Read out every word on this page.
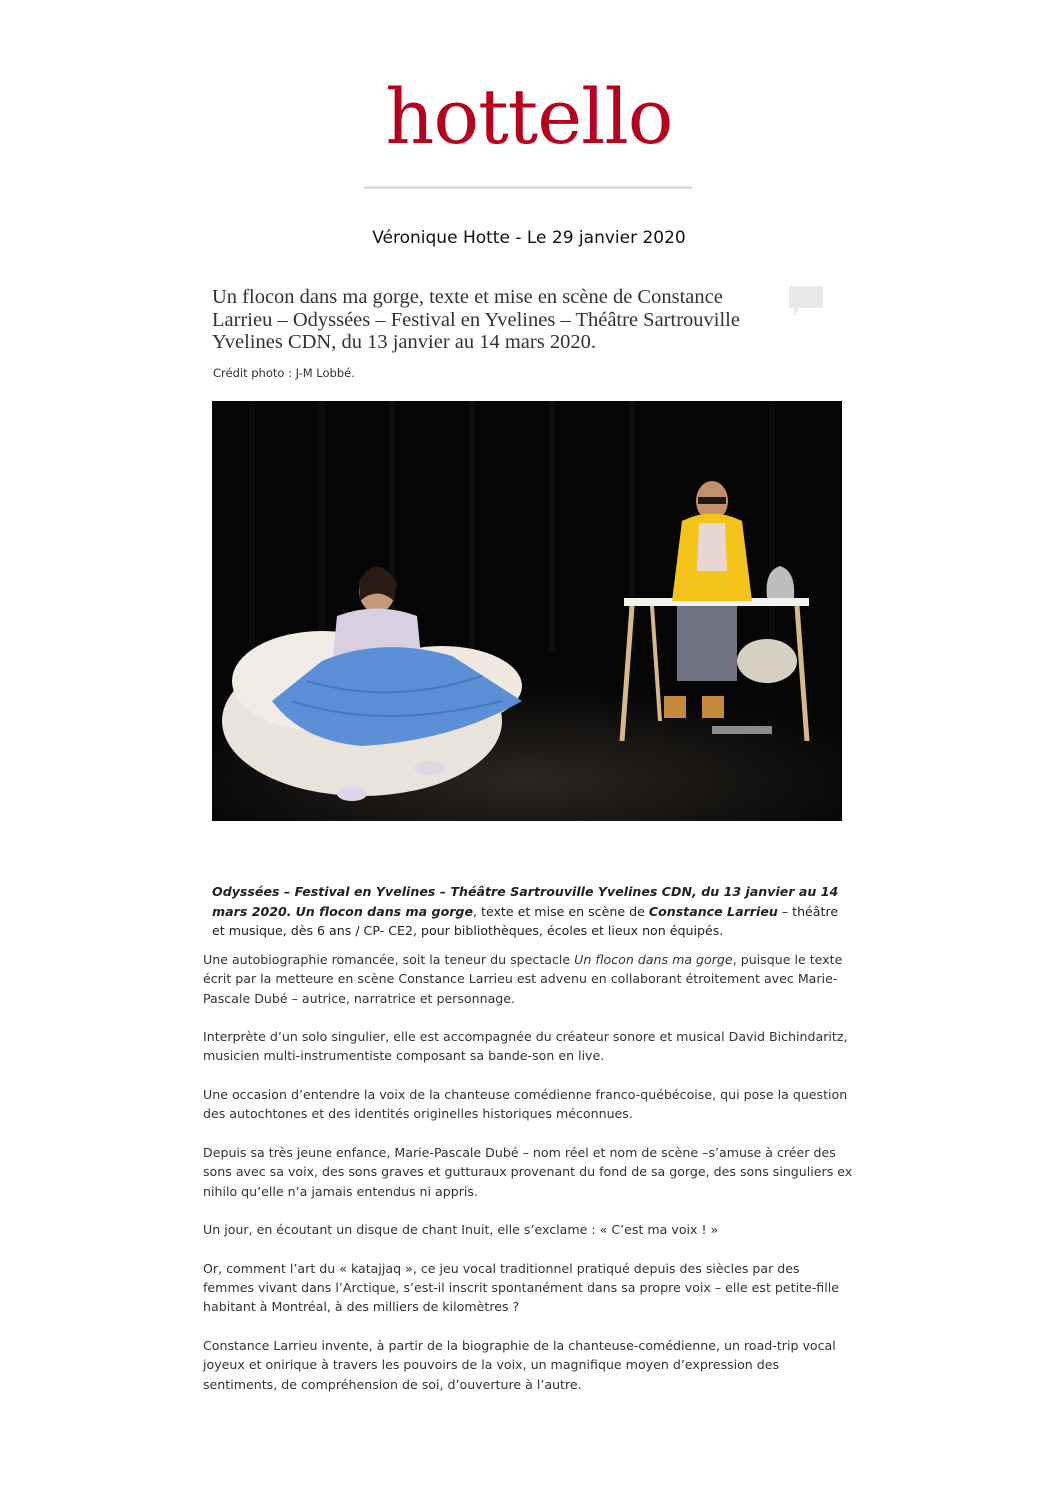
hottello
Véronique Hotte - Le 29 janvier 2020
Un flocon dans ma gorge, texte et mise en scène de Constance Larrieu – Odyssées – Festival en Yvelines – Théâtre Sartrouville Yvelines CDN, du 13 janvier au 14 mars 2020.
Crédit photo : J-M Lobbé.
Odyssées – Festival en Yvelines – Théâtre Sartrouville Yvelines CDN, du 13 janvier au 14 mars 2020. Un flocon dans ma gorge, texte et mise en scène de Constance Larrieu – théâtre et musique, dès 6 ans / CP- CE2, pour bibliothèques, écoles et lieux non équipés.

Une autobiographie romancée, soit la teneur du spectacle Un flocon dans ma gorge, puisque le texte écrit par la metteure en scène Constance Larrieu est advenu en collaborant étroitement avec Marie-Pascale Dubé – autrice, narratrice et personnage.

Interprète d’un solo singulier, elle est accompagnée du créateur sonore et musical David Bichindaritz, musicien multi-instrumentiste composant sa bande-son en live.

Une occasion d’entendre la voix de la chanteuse comédienne franco-québécoise, qui pose la question des autochtones et des identités originelles historiques méconnues.

Depuis sa très jeune enfance, Marie-Pascale Dubé – nom réel et nom de scène –s’amuse à créer des sons avec sa voix, des sons graves et gutturaux provenant du fond de sa gorge, des sons singuliers ex nihilo qu’elle n’a jamais entendus ni appris.

Un jour, en écoutant un disque de chant Inuit, elle s’exclame : « C’est ma voix ! »

Or, comment l’art du « katajjaq », ce jeu vocal traditionnel pratiqué depuis des siècles par des femmes vivant dans l’Arctique, s’est-il inscrit spontanément dans sa propre voix – elle est petite-fille habitant à Montréal, à des milliers de kilomètres ?

Constance Larrieu invente, à partir de la biographie de la chanteuse-comédienne, un road-trip vocal joyeux et onirique à travers les pouvoirs de la voix, un magnifique moyen d’expression des sentiments, de compréhension de soi, d’ouverture à l’autre.
